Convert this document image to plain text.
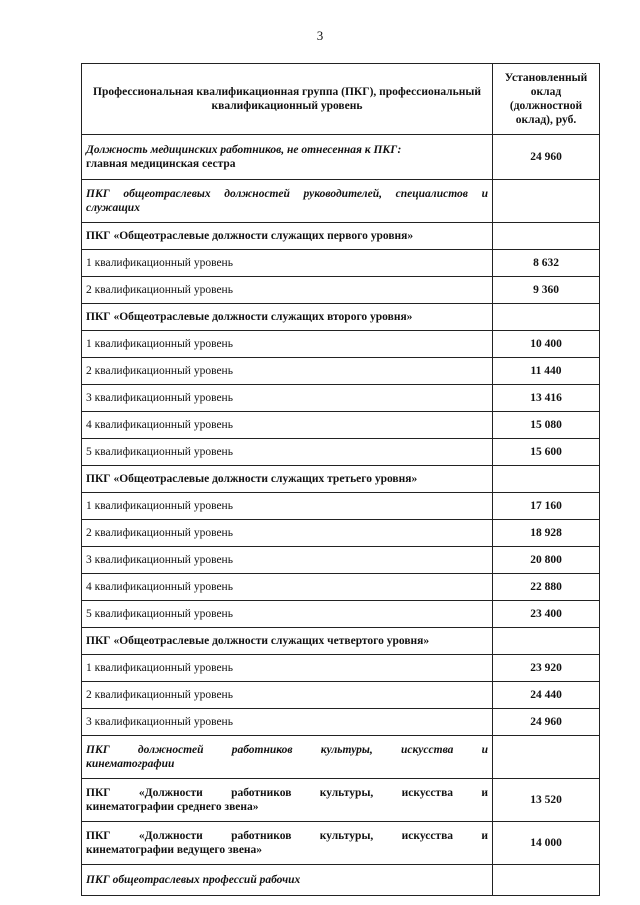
3
Профессиональная квалификационная группа (ПКГ), профессиональный квалификационный уровень	Установленный оклад (должностной оклад), руб.
Должность медицинских работников, не отнесенная к ПКГ:
главная медицинская сестра	24 960
ПКГ общеотраслевых должностей руководителей, специалистов и служащих	
ПКГ «Общеотраслевые должности служащих первого уровня»	
1 квалификационный уровень	8 632
2 квалификационный уровень	9 360
ПКГ «Общеотраслевые должности служащих второго уровня»	
1 квалификационный уровень	10 400
2 квалификационный уровень	11 440
3 квалификационный уровень	13 416
4 квалификационный уровень	15 080
5 квалификационный уровень	15 600
ПКГ «Общеотраслевые должности служащих третьего уровня»	
1 квалификационный уровень	17 160
2 квалификационный уровень	18 928
3 квалификационный уровень	20 800
4 квалификационный уровень	22 880
5 квалификационный уровень	23 400
ПКГ «Общеотраслевые должности служащих четвертого уровня»	
1 квалификационный уровень	23 920
2 квалификационный уровень	24 440
3 квалификационный уровень	24 960

ПКГ должностей работников культуры, искусства и
кинематографии	

ПКГ «Должности работников культуры, искусства и
кинематографии среднего звена»	13 520

ПКГ «Должности работников культуры, искусства и
кинематографии ведущего звена»	14 000
ПКГ общеотраслевых профессий рабочих	
